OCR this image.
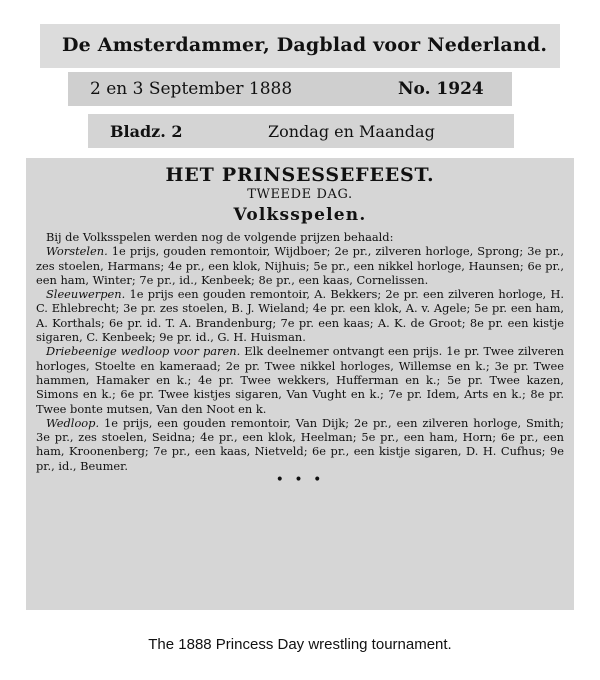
De Amsterdammer, Dagblad voor Nederland.
2 en 3 September 1888	No. 1924
Bladz. 2	Zondag en Maandag
HET PRINSESSEFEEST.
TWEEDE DAG.
Volksspelen.

Bij de Volksspelen werden nog de volgende prijzen behaald:

Worstelen. 1e prijs, gouden remontoir, Wijdboer; 2e pr., zilveren horloge, Sprong; 3e pr., zes stoelen, Harmans; 4e pr., een klok, Nijhuis; 5e pr., een nikkel horloge, Haunsen; 6e pr., een ham, Winter; 7e pr., id., Kenbeek; 8e pr., een kaas, Cornelissen.

Sleeuwerpen. 1e prijs een gouden remontoir, A. Bekkers; 2e pr. een zilveren horloge, H. C. Ehlebrecht; 3e pr. zes stoelen, B. J. Wieland; 4e pr. een klok, A. v. Agele; 5e pr. een ham, A. Korthals; 6e pr. id. T. A. Brandenburg; 7e pr. een kaas; A. K. de Groot; 8e pr. een kistje sigaren, C. Kenbeek; 9e pr. id., G. H. Huisman.

Driebeenige wedloop voor paren. Elk deelnemer ontvangt een prijs. 1e pr. Twee zilveren horloges, Stoelte en kameraad; 2e pr. Twee nikkel horloges, Willemse en k.; 3e pr. Twee hammen, Hamaker en k.; 4e pr. Twee wekkers, Hufferman en k.; 5e pr. Twee kazen, Simons en k.; 6e pr. Twee kistjes sigaren, Van Vught en k.; 7e pr. Idem, Arts en k.; 8e pr. Twee bonte mutsen, Van den Noot en k.

Wedloop. 1e prijs, een gouden remontoir, Van Dijk; 2e pr., een zilveren horloge, Smith; 3e pr., zes stoelen, Seidna; 4e pr., een klok, Heelman; 5e pr., een ham, Horn; 6e pr., een ham, Kroonenberg; 7e pr., een kaas, Nietveld; 6e pr., een kistje sigaren, D. H. Cufhus; 9e pr., id., Beumer.

• • •
The 1888 Princess Day wrestling tournament.
